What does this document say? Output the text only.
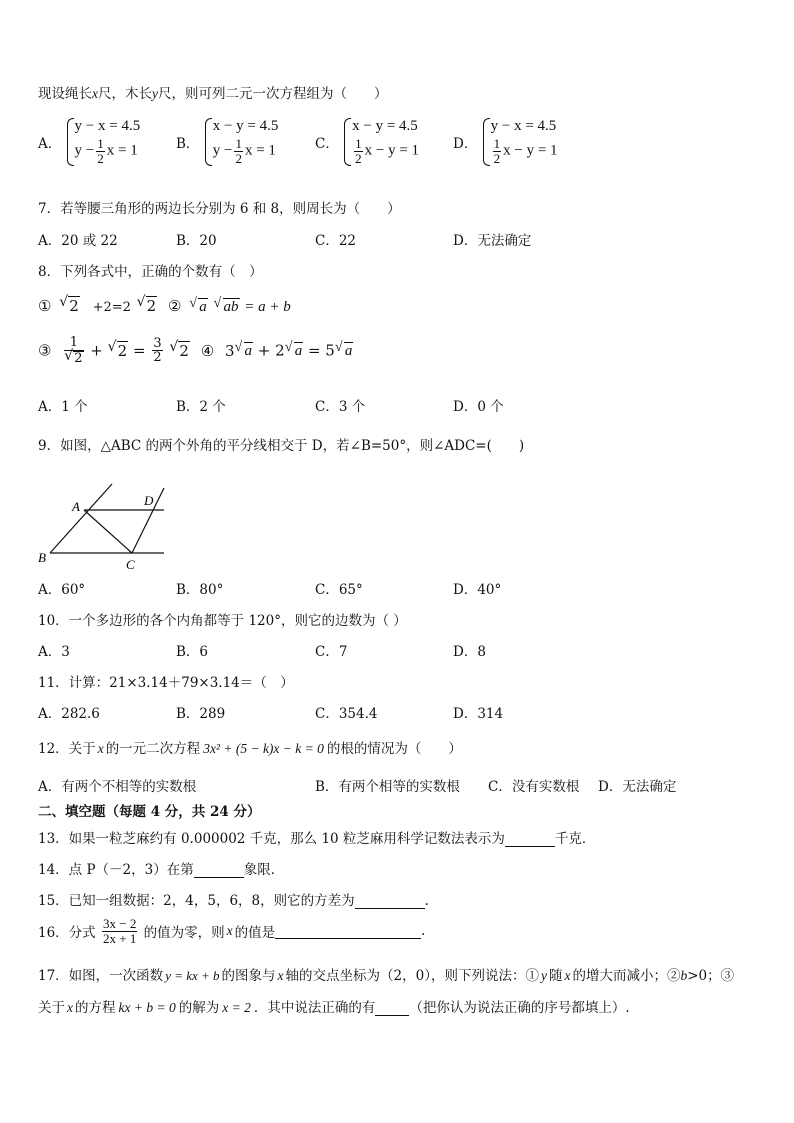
现设绳长x尺，木长y尺，则可列二元一次方程组为（　　）
A．
y − x = 4.5
$y - \frac{1}{2}$ x = 1	B．
x − y = 4.5
$y - \frac{1}{2}$ x = 1	C．
x − y = 4.5
$\frac{1}{2}$ x − y = 1	D．
y − x = 4.5
$\frac{1}{2}$ x − y = 1
7．若等腰三角形的两边长分别为 6 和 8，则周长为（　　）
A．20 或 22	B．20	C．22	D．无法确定
8．下列各式中，正确的个数有（　）
① √ 2 +2=2 √ 2 ② √ a √ ab = a + b
③ 1
√ 2 + √ $2 = \frac{3}{2}$ √ 2 ④ 3 √ a + 2 √ a = 5 √ a
A．1 个	B．2 个	C．3 个	D．0 个
9．如图，△ABC 的两个外角的平分线相交于 D，若∠B=50°，则∠ADC=(　　)
A
B	C
D
A．60°	B．80°	C．65°	D．40°
10．一个多边形的各个内角都等于 120°，则它的边数为（ ）
A．3	B．6	C．7	D．8
11．计算：21×3.14＋79×3.14＝（　）
A．282.6	B．289	C．354.4	D．314
12．关于 x 的一元二次方程 3x² + (5 − k)x − k = 0 的根的情况为（　　）
A．有两个不相等的实数根	B．有两个相等的实数根 C．没有实数根 D．无法确定
二、填空题（每题 4 分，共 24 分）
13．如果一粒芝麻约有 0.000002 千克，那么 10 粒芝麻用科学记数法表示为	千克．
14．点 P（－2，3）在第	象限．
15．已知一组数据：2，4，5，6，8，则它的方差为	.
16．分式 $\frac{3x - 2}{2x + 1}$ 的值为零，则 x 的值是	.
17．如图，一次函数 y = kx + b 的图象与 x 轴的交点坐标为（2，0），则下列说法：① y 随 x 的增大而减小；②b>0；③
关于 x 的方程 kx + b = 0 的解为 x = 2 ．其中说法正确的有	（把你认为说法正确的序号都填上）.
